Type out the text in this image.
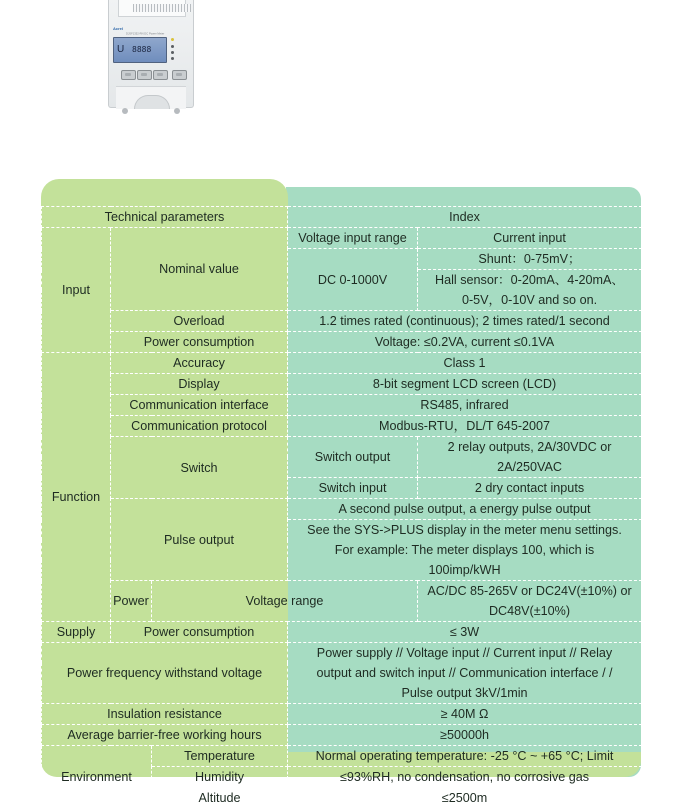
Acrel
DJSF1352-RN DC Power Meter
U 8888
Technical parameters			Index	
Input	Nominal value		Voltage input range	Current input
			DC 0-1000V	Shunt：0-75mV；
				Hall sensor：0-20mA、4-20mA、
				0-5V，0-10V and so on.
	Overload		1.2 times rated (continuous); 2 times rated/1 second	
	Power consumption		Voltage: ≤0.2VA, current ≤0.1VA	
	Accuracy		Class 1	
Function	Display		8-bit segment LCD screen (LCD)	
	Communication interface		RS485, infrared	
	Communication protocol		Modbus-RTU，DL/T 645-2007	
	Switch		Switch output	2 relay outputs, 2A/30VDC or
				2A/250VAC
			Switch input	2 dry contact inputs
	Pulse output		A second pulse output, a energy pulse output	
			See the SYS->PLUS display in the meter menu settings.	
			For example: The meter displays 100, which is	
			100imp/kWH	
	Power	Voltage range		AC/DC 85-265V or DC24V(±10%) or DC48V(±10%)
Supply	Power consumption		≤ 3W	
Power frequency withstand voltage			Power supply // Voltage input // Current input // Relay	
			output and switch input // Communication interface / /	
			Pulse output 3kV/1min	
Insulation resistance			≥ 40M Ω	
Average barrier-free working hours			≥50000h	
Environment		Temperature	Normal operating temperature: -25 °C ~ +65 °C; Limit	
		Humidity	≤93%RH, no condensation, no corrosive gas	
		Altitude	≤2500m	
